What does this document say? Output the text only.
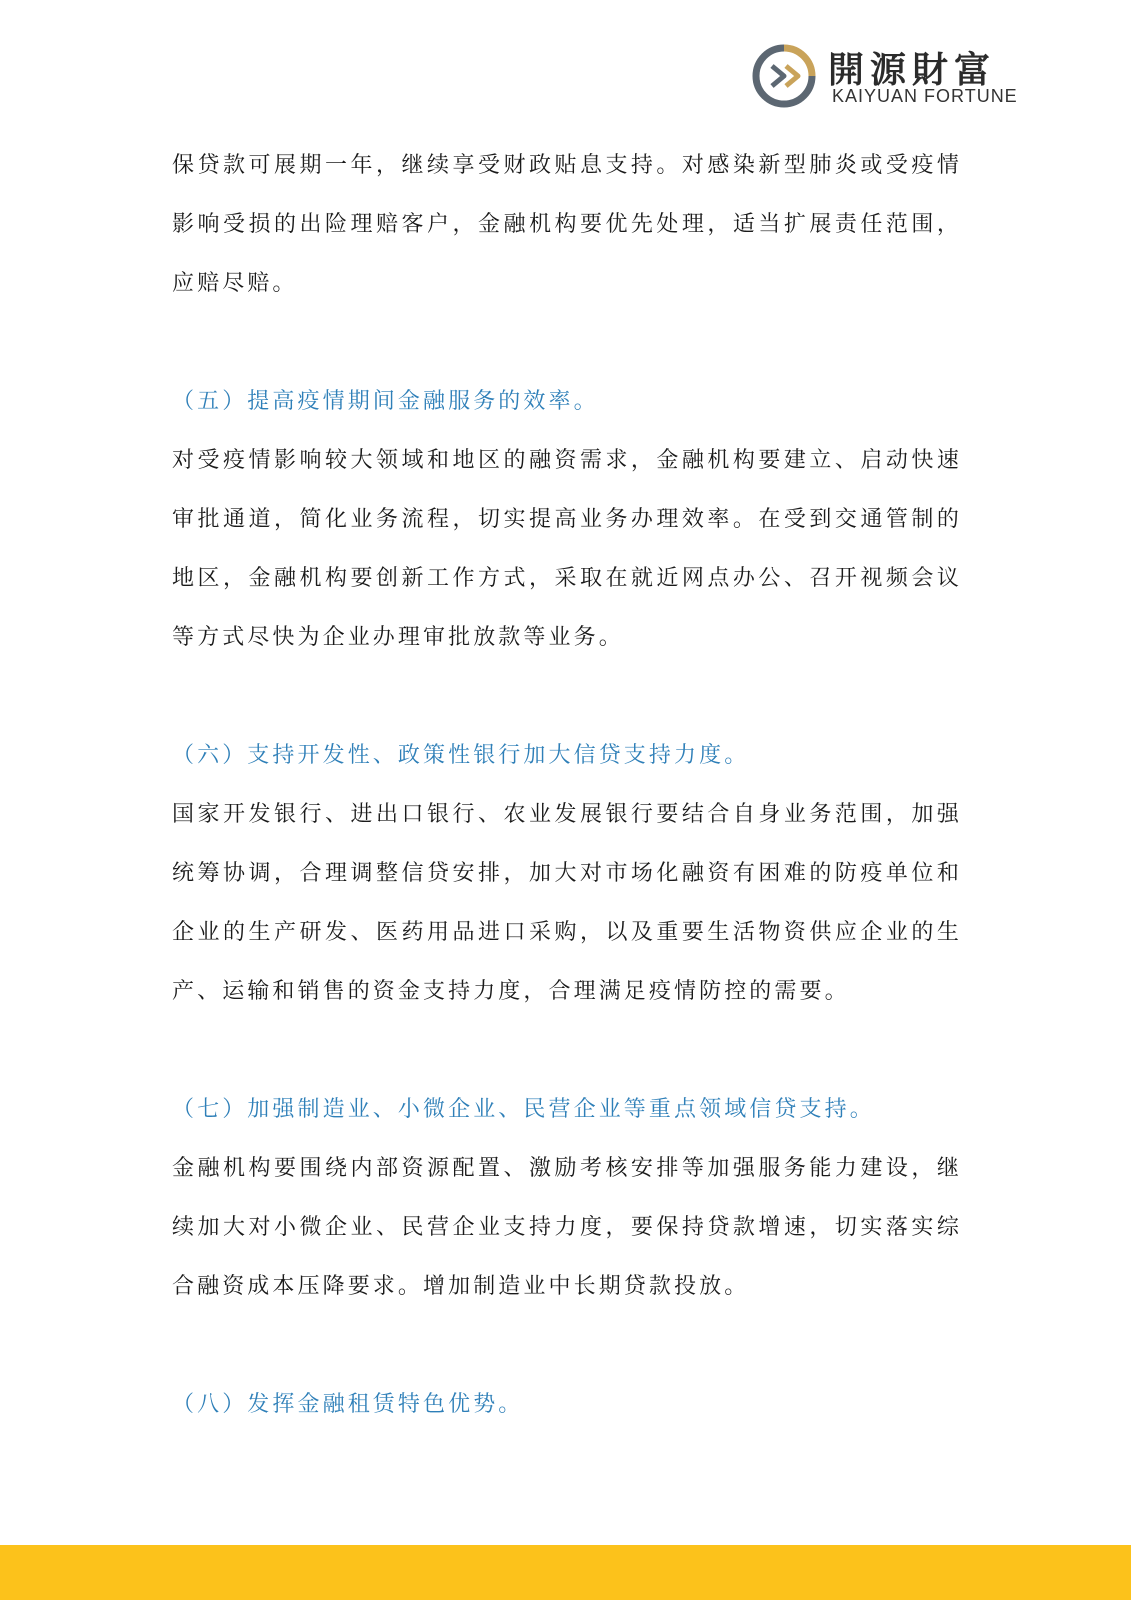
開源財富
KAIYUAN FORTUNE

保贷款可展期一年，继续享受财政贴息支持。对感染新型肺炎或受疫情影响受损的出险理赔客户，金融机构要优先处理，适当扩展责任范围，应赔尽赔。

（五）提高疫情期间金融服务的效率。

对受疫情影响较大领域和地区的融资需求，金融机构要建立、启动快速审批通道，简化业务流程，切实提高业务办理效率。在受到交通管制的地区，金融机构要创新工作方式，采取在就近网点办公、召开视频会议等方式尽快为企业办理审批放款等业务。

（六）支持开发性、政策性银行加大信贷支持力度。

国家开发银行、进出口银行、农业发展银行要结合自身业务范围，加强统筹协调，合理调整信贷安排，加大对市场化融资有困难的防疫单位和企业的生产研发、医药用品进口采购，以及重要生活物资供应企业的生产、运输和销售的资金支持力度，合理满足疫情防控的需要。

（七）加强制造业、小微企业、民营企业等重点领域信贷支持。

金融机构要围绕内部资源配置、激励考核安排等加强服务能力建设，继续加大对小微企业、民营企业支持力度，要保持贷款增速，切实落实综合融资成本压降要求。增加制造业中长期贷款投放。

（八）发挥金融租赁特色优势。
